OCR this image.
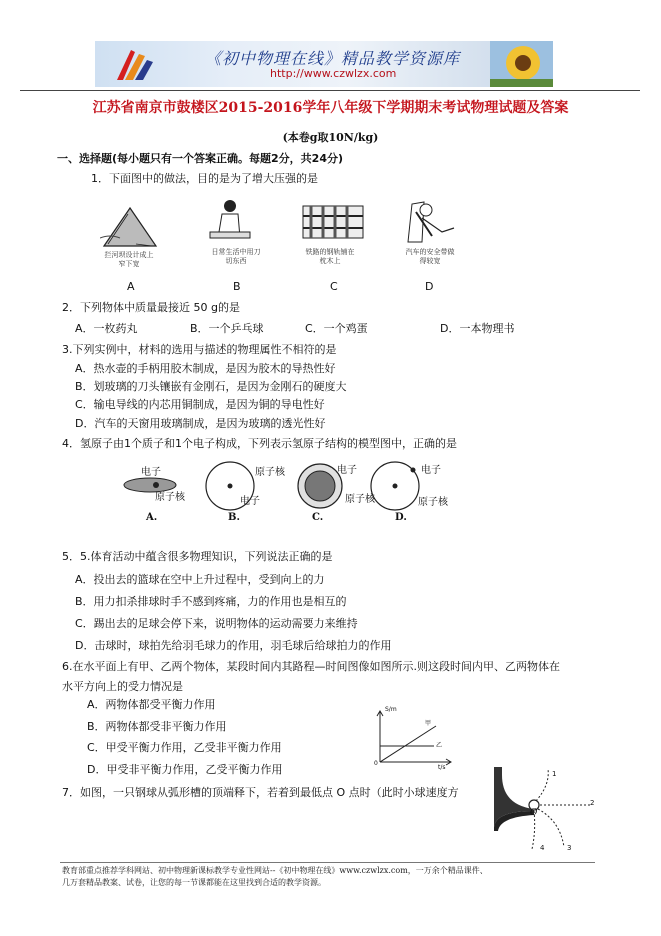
《初中物理在线》精品教学资源库
http://www.czwlzx.com
江苏省南京市鼓楼区2015-2016学年八年级下学期期末考试物理试题及答案
(本卷g取10N/kg)
一、选择题(每小题只有一个答案正确。每题2分，共24分)
1．下面图中的做法，目的是为了增大压强的是
拦河坝设计成上窄下宽
日常生活中用刀切东西
铁路的钢轨铺在枕木上
汽车的安全带做得较宽
A	B	C	D
2．下列物体中质量最接近 50 g的是
A．一枚药丸	B．一个乒乓球	C．一个鸡蛋	D．一本物理书
3.下列实例中，材料的选用与描述的物理属性不相符的是
A．热水壶的手柄用胶木制成，是因为胶木的导热性好
B．划玻璃的刀头镶嵌有金刚石，是因为金刚石的硬度大
C．输电导线的内芯用铜制成，是因为铜的导电性好
D．汽车的天窗用玻璃制成，是因为玻璃的透光性好
4．氢原子由1个质子和1个电子构成，下列表示氢原子结构的模型图中，正确的是
电子
原子核
原子核
电子
电子
原子核
电子
原子核
A.	B.	C.	D.
5．5.体育活动中蕴含很多物理知识，下列说法正确的是
A．投出去的篮球在空中上升过程中，受到向上的力
B．用力扣杀排球时手不感到疼痛，力的作用也是相互的
C．踢出去的足球会停下来，说明物体的运动需要力来维持
D．击球时，球拍先给羽毛球力的作用，羽毛球后给球拍力的作用
6.在水平面上有甲、乙两个物体，某段时间内其路程—时间图像如图所示.则这段时间内甲、乙两物体在
水平方向上的受力情况是
A．两物体都受平衡力作用
B．两物体都受非平衡力作用
C．甲受平衡力作用，乙受非平衡力作用
D．甲受非平衡力作用，乙受平衡力作用
S/m
t/s
0
甲
乙
7．如图，一只钢球从弧形槽的顶端释下，若着到最低点 O 点时（此时小球速度方
O
1
2
3
4
教育部重点推荐学科网站、初中物理新课标教学专业性网站--《初中物理在线》www.czwlzx.com，一万余个精品课件、
几万套精品教案、试卷，让您的每一节课都能在这里找到合适的教学资源。
